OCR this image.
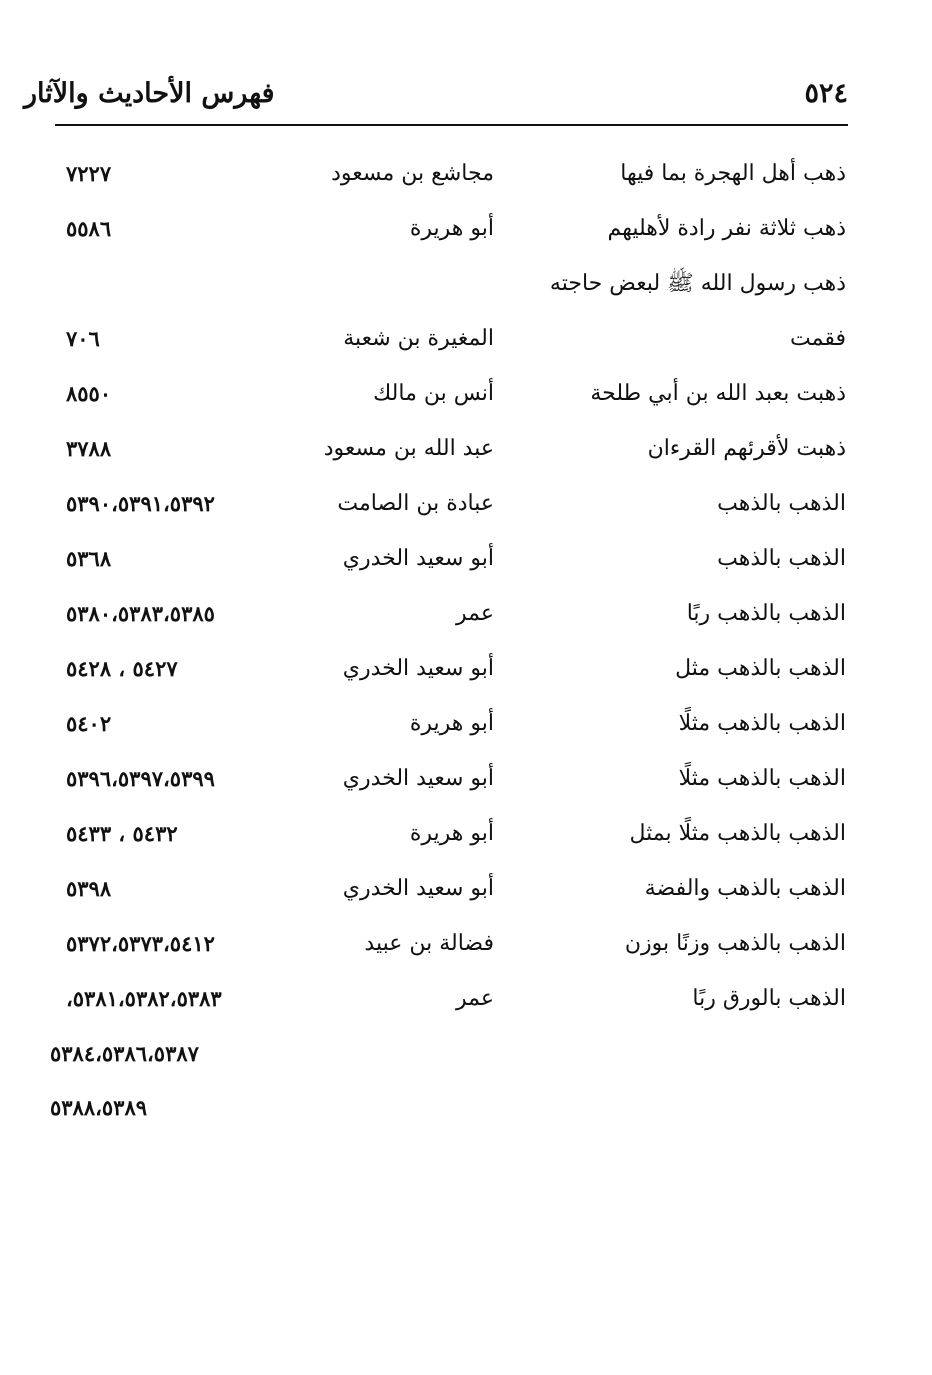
٥٢٤
فهرس الأحاديث والآثار
ذهب أهل الهجرة بما فيها
مجاشع بن مسعود
٧٢٢٧
ذهب ثلاثة نفر رادة لأهليهم
أبو هريرة
٥٥٨٦
ذهب رسول الله ﷺ لبعض حاجته
فقمت
المغيرة بن شعبة
٧٠٦
ذهبت بعبد الله بن أبي طلحة
أنس بن مالك
٨٥٥٠
ذهبت لأقرئهم القرءان
عبد الله بن مسعود
٣٧٨٨
الذهب بالذهب
عبادة بن الصامت
٥٣٩٠،٥٣٩١،٥٣٩٢
الذهب بالذهب
أبو سعيد الخدري
٥٣٦٨
الذهب بالذهب ربًا
عمر
٥٣٨٠،٥٣٨٣،٥٣٨٥
الذهب بالذهب مثل
أبو سعيد الخدري
٥٤٢٧ ، ٥٤٢٨
الذهب بالذهب مثلًا
أبو هريرة
٥٤٠٢
الذهب بالذهب مثلًا
أبو سعيد الخدري
٥٣٩٦،٥٣٩٧،٥٣٩٩
الذهب بالذهب مثلًا بمثل
أبو هريرة
٥٤٣٢ ، ٥٤٣٣
الذهب بالذهب والفضة
أبو سعيد الخدري
٥٣٩٨
الذهب بالذهب وزنًا بوزن
فضالة بن عبيد
٥٣٧٢،٥٣٧٣،٥٤١٢
الذهب بالورق ربًا
عمر
٥٣٨١،٥٣٨٢،٥٣٨٣،
٥٣٨٤،٥٣٨٦،٥٣٨٧
٥٣٨٨،٥٣٨٩
